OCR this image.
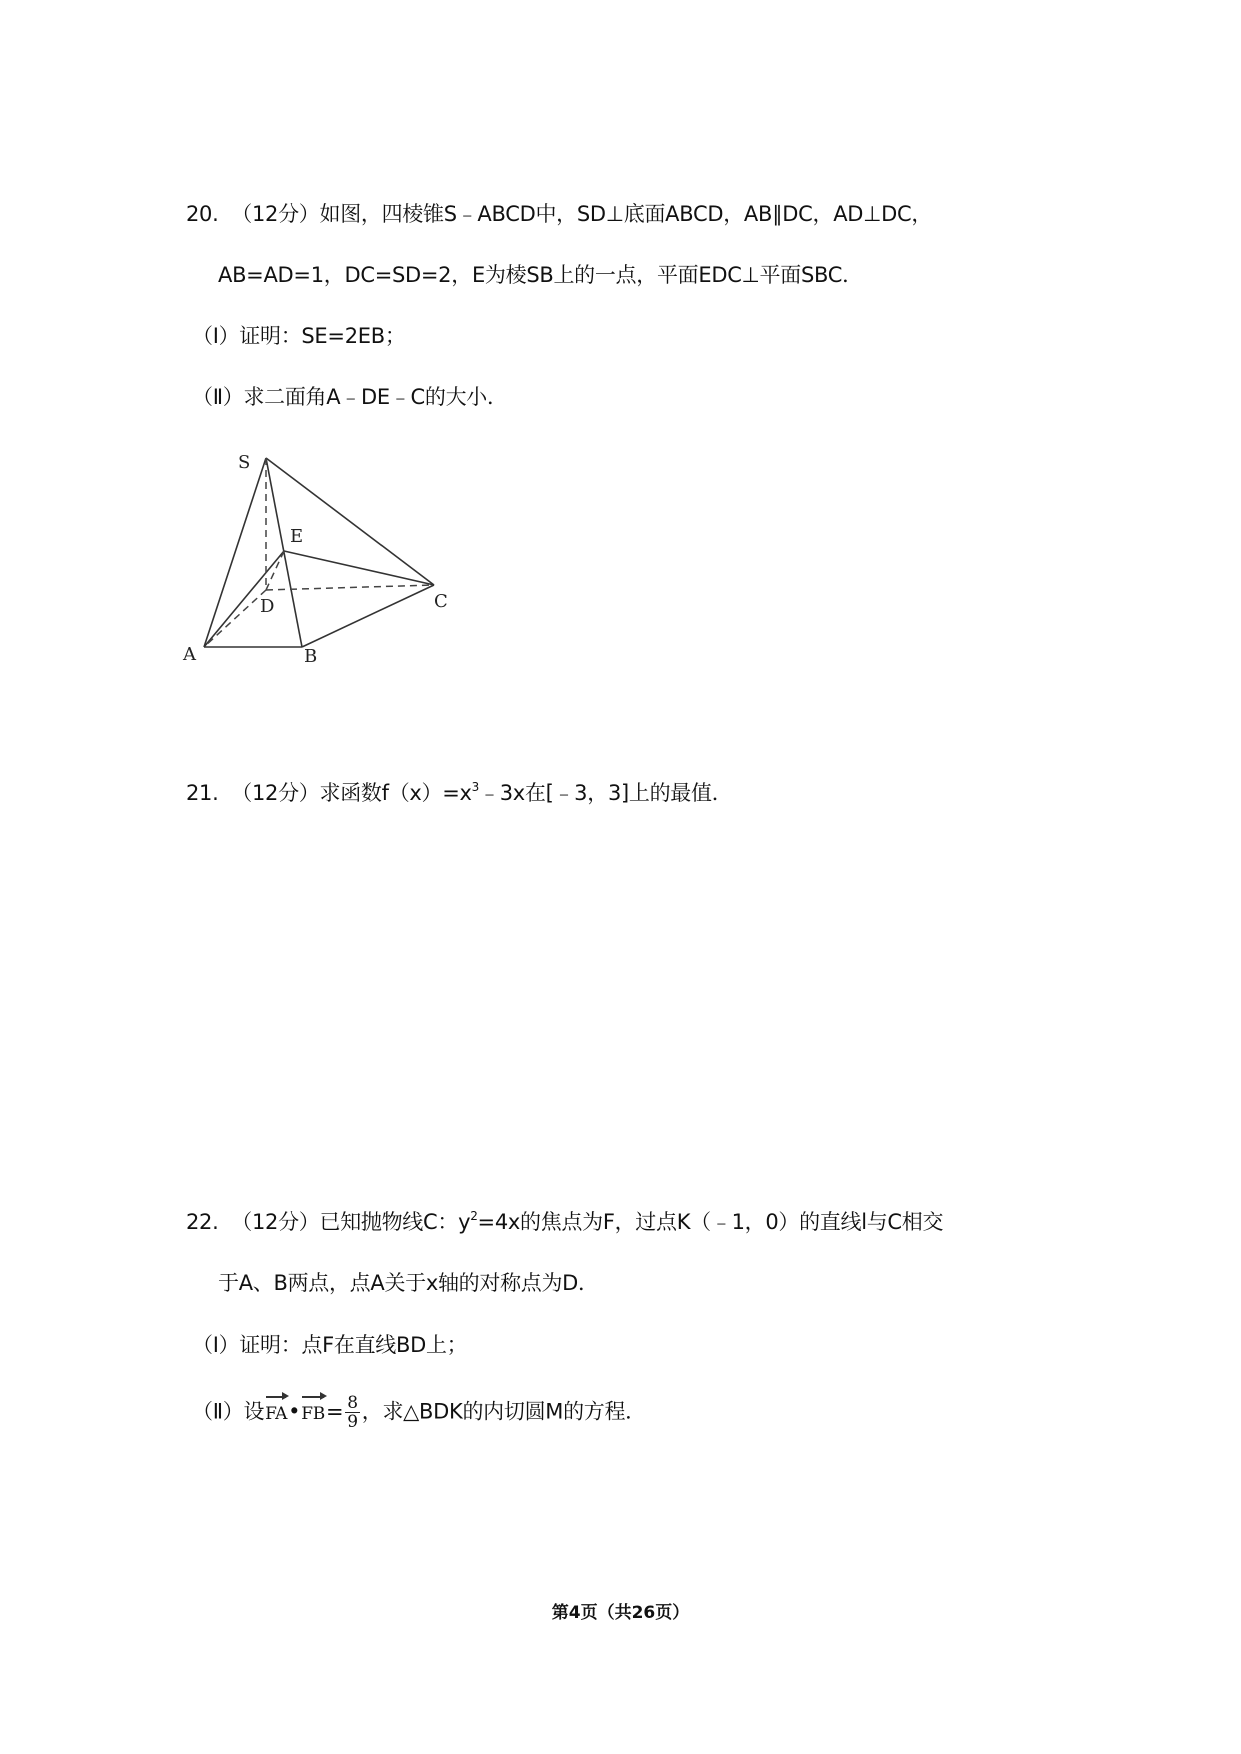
20. （12分）如图，四棱锥S﹣ABCD中，SD⊥底面ABCD，AB∥DC，AD⊥DC，
AB=AD=1，DC=SD=2，E为棱SB上的一点，平面EDC⊥平面SBC．
（Ⅰ）证明：SE=2EB；
（Ⅱ）求二面角A﹣DE﹣C的大小．
S
E
D	C
A	B
21. （12分）求函数$f(x)=x^3﹣3x$在[﹣3，3]上的最值．
22. （12分）已知抛物线C：$y^2=4x$的焦点为F，过点K（﹣1，0）的直线l与C相交
于A、B两点，点A关于x轴的对称点为D．
（Ⅰ）证明：点F在直线BD上；
（Ⅱ）设FA•FB= $\frac{8}{9}$ ，求△BDK的内切圆M的方程．
第4页（共26页）
